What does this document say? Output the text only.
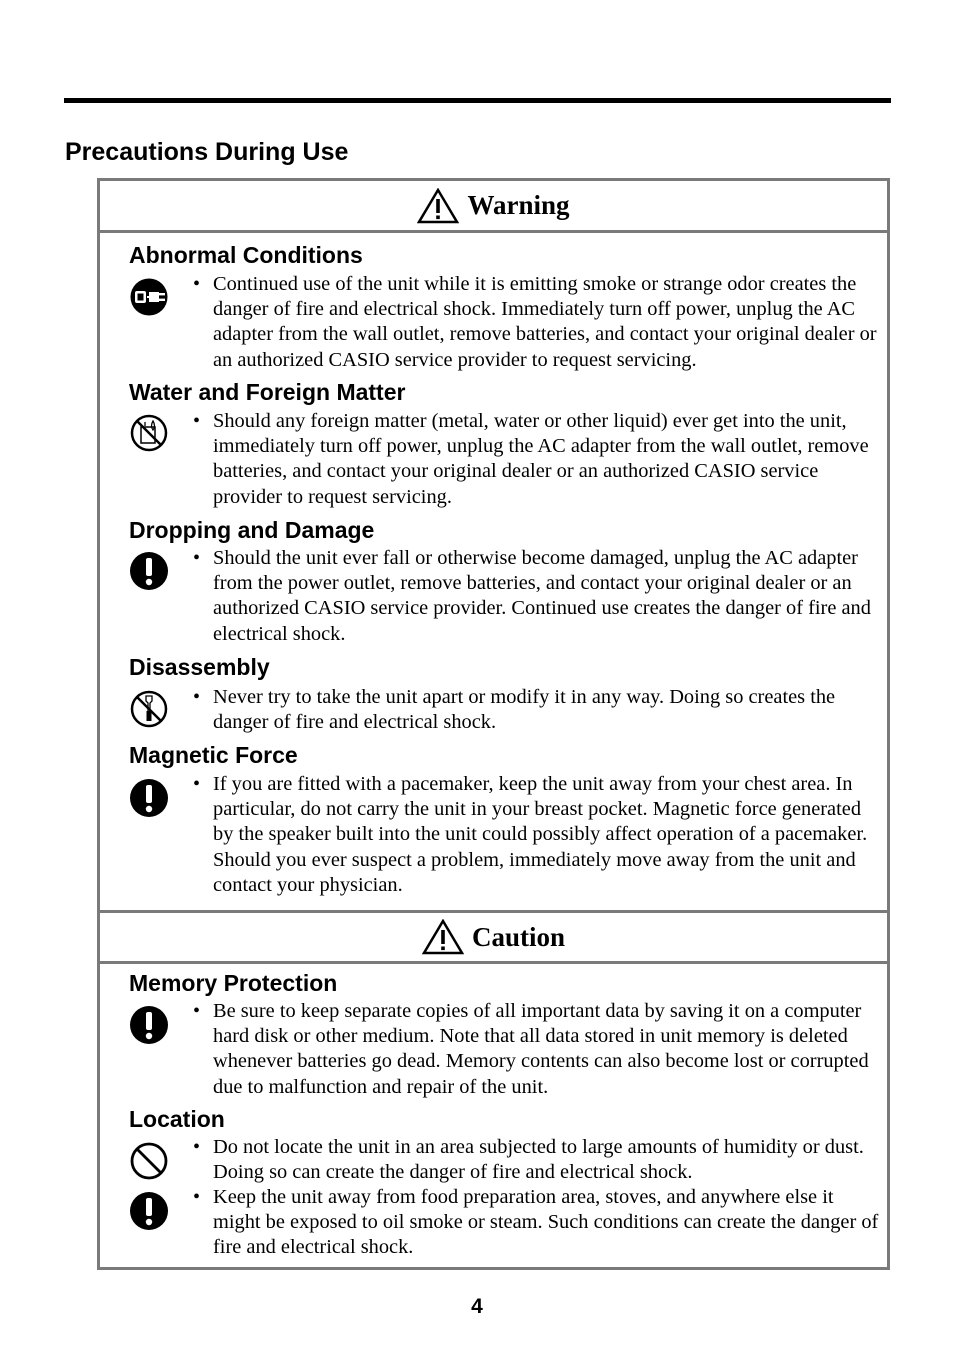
Precautions During Use
Warning
Caution
Abnormal Conditions
• Continued use of the unit while it is emitting smoke or strange odor creates the danger of fire and electrical shock. Immediately turn off power, unplug the AC adapter from the wall outlet, remove batteries, and contact your original dealer or an authorized CASIO service provider to request servicing.

Water and Foreign Matter
• Should any foreign matter (metal, water or other liquid) ever get into the unit, immediately turn off power, unplug the AC adapter from the wall outlet, remove batteries, and contact your original dealer or an authorized CASIO service provider to request servicing.

Dropping and Damage
• Should the unit ever fall or otherwise become damaged, unplug the AC adapter from the power outlet, remove batteries, and contact your original dealer or an authorized CASIO service provider. Continued use creates the danger of fire and electrical shock.

Disassembly
• Never try to take the unit apart or modify it in any way. Doing so creates the danger of fire and electrical shock.

Magnetic Force
• If you are fitted with a pacemaker, keep the unit away from your chest area. In particular, do not carry the unit in your breast pocket. Magnetic force generated by the speaker built into the unit could possibly affect operation of a pacemaker. Should you ever suspect a problem, immediately move away from the unit and contact your physician.

Memory Protection
• Be sure to keep separate copies of all important data by saving it on a computer hard disk or other medium. Note that all data stored in unit memory is deleted whenever batteries go dead. Memory contents can also become lost or corrupted due to malfunction and repair of the unit.

Location
• Do not locate the unit in an area subjected to large amounts of humidity or dust. Doing so can create the danger of fire and electrical shock.

• Keep the unit away from food preparation area, stoves, and anywhere else it might be exposed to oil smoke or steam. Such conditions can create the danger of fire and electrical shock.

4
